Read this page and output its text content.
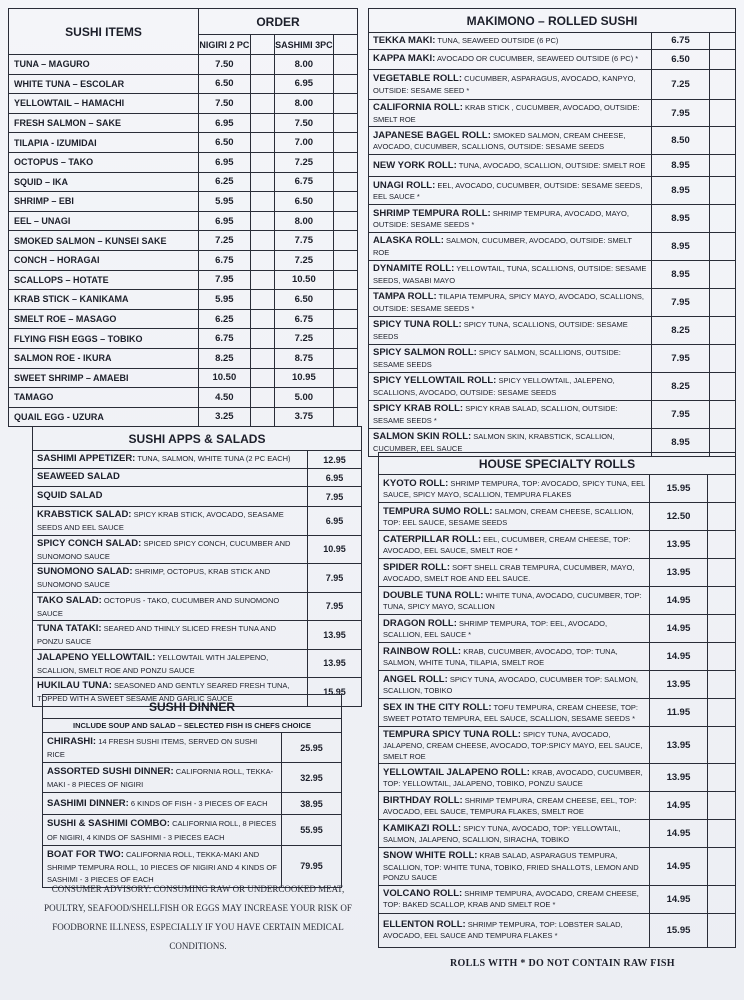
SUSHI ITEMS	ORDER			
	NIGIRI 2 PC		SASHIMI 3PC	
TUNA – MAGURO	7.50		8.00	
WHITE TUNA – ESCOLAR	6.50		6.95	
YELLOWTAIL – HAMACHI	7.50		8.00	
FRESH SALMON – SAKE	6.95		7.50	
TILAPIA - IZUMIDAI	6.50		7.00	
OCTOPUS – TAKO	6.95		7.25	
SQUID – IKA	6.25		6.75	
SHRIMP – EBI	5.95		6.50	
EEL – UNAGI	6.95		8.00	
SMOKED SALMON – KUNSEI SAKE	7.25		7.75	
CONCH – HORAGAI	6.75		7.25	
SCALLOPS – HOTATE	7.95		10.50	
KRAB STICK – KANIKAMA	5.95		6.50	
SMELT ROE – MASAGO	6.25		6.75	
FLYING FISH EGGS – TOBIKO	6.75		7.25	
SALMON ROE - IKURA	8.25		8.75	
SWEET SHRIMP – AMAEBI	10.50		10.95	
TAMAGO	4.50		5.00	
QUAIL EGG - UZURA	3.25		3.75	
MAKIMONO – ROLLED SUSHI		
TEKKA MAKI: TUNA, SEAWEED OUTSIDE (6 PC)	6.75	
KAPPA MAKI: AVOCADO OR CUCUMBER, SEAWEED OUTSIDE (6 PC) *	6.50	
VEGETABLE ROLL: CUCUMBER, ASPARAGUS, AVOCADO, KANPYO, OUTSIDE: SESAME SEED *	7.25	
CALIFORNIA ROLL: KRAB STICK , CUCUMBER, AVOCADO, OUTSIDE: SMELT ROE	7.95	
JAPANESE BAGEL ROLL: SMOKED SALMON, CREAM CHEESE, AVOCADO, CUCUMBER, SCALLIONS, OUTSIDE: SESAME SEEDS	8.50	
NEW YORK ROLL: TUNA, AVOCADO, SCALLION, OUTSIDE: SMELT ROE	8.95	
UNAGI ROLL: EEL, AVOCADO, CUCUMBER, OUTSIDE: SESAME SEEDS, EEL SAUCE *	8.95	
SHRIMP TEMPURA ROLL: SHRIMP TEMPURA, AVOCADO, MAYO, OUTSIDE: SESAME SEEDS *	8.95	
ALASKA ROLL: SALMON, CUCUMBER, AVOCADO, OUTSIDE: SMELT ROE	8.95	
DYNAMITE ROLL: YELLOWTAIL, TUNA, SCALLIONS, OUTSIDE: SESAME SEEDS, WASABI MAYO	8.95	
TAMPA ROLL: TILAPIA TEMPURA, SPICY MAYO, AVOCADO, SCALLIONS, OUTSIDE: SESAME SEEDS *	7.95	
SPICY TUNA ROLL: SPICY TUNA, SCALLIONS, OUTSIDE: SESAME SEEDS	8.25	
SPICY SALMON ROLL: SPICY SALMON, SCALLIONS, OUTSIDE: SESAME SEEDS	7.95	
SPICY YELLOWTAIL ROLL: SPICY YELLOWTAIL, JALEPENO, SCALLIONS, AVOCADO, OUTSIDE: SESAME SEEDS	8.25	
SPICY KRAB ROLL: SPICY KRAB SALAD, SCALLION, OUTSIDE: SESAME SEEDS *	7.95	
SALMON SKIN ROLL: SALMON SKIN, KRABSTICK, SCALLION, CUCUMBER, EEL SAUCE	8.95	
SUSHI APPS & SALADS	
SASHIMI APPETIZER: TUNA, SALMON, WHITE TUNA (2 PC EACH)	12.95
SEAWEED SALAD	6.95
SQUID SALAD	7.95
KRABSTICK SALAD: SPICY KRAB STICK, AVOCADO, SEASAME SEEDS AND EEL SAUCE	6.95
SPICY CONCH SALAD: SPICED SPICY CONCH, CUCUMBER AND SUNOMONO SAUCE	10.95
SUNOMONO SALAD: SHRIMP, OCTOPUS, KRAB STICK AND SUNOMONO SAUCE	7.95
TAKO SALAD: OCTOPUS - TAKO, CUCUMBER AND SUNOMONO SAUCE	7.95
TUNA TATAKI: SEARED AND THINLY SLICED FRESH TUNA AND PONZU SAUCE	13.95
JALAPENO YELLOWTAIL: YELLOWTAIL WITH JALEPENO, SCALLION, SMELT ROE AND PONZU SAUCE	13.95
HUKILAU TUNA: SEASONED AND GENTLY SEARED FRESH TUNA, TOPPED WITH A SWEET SESAME AND GARLIC SAUCE	15.95
SUSHI DINNER	
INCLUDE SOUP AND SALAD – SELECTED FISH IS CHEFS CHOICE	
CHIRASHI: 14 FRESH SUSHI ITEMS, SERVED ON SUSHI RICE	25.95
ASSORTED SUSHI DINNER: CALIFORNIA ROLL, TEKKA-MAKI - 8 PIECES OF NIGIRI	32.95
SASHIMI DINNER: 6 KINDS OF FISH - 3 PIECES OF EACH	38.95
SUSHI & SASHIMI COMBO: CALIFORNIA ROLL, 8 PIECES OF NIGIRI, 4 KINDS OF SASHIMI - 3 PIECES EACH	55.95
BOAT FOR TWO: CALIFORNIA ROLL, TEKKA-MAKI AND SHRIMP TEMPURA ROLL, 10 PIECES OF NIGIRI AND 4 KINDS OF SASHIMI - 3 PIECES OF EACH	79.95
CONSUMER ADVISORY: CONSUMING RAW OR UNDERCOOKED MEAT, POULTRY, SEAFOOD/SHELLFISH OR EGGS MAY INCREASE YOUR RISK OF FOODBORNE ILLNESS, ESPECIALLY IF YOU HAVE CERTAIN MEDICAL CONDITIONS.
HOUSE SPECIALTY ROLLS		
KYOTO ROLL: SHRIMP TEMPURA, TOP: AVOCADO, SPICY TUNA, EEL SAUCE, SPICY MAYO, SCALLION, TEMPURA FLAKES	15.95	
TEMPURA SUMO ROLL: SALMON, CREAM CHEESE, SCALLION, TOP: EEL SAUCE, SESAME SEEDS	12.50	
CATERPILLAR ROLL: EEL, CUCUMBER, CREAM CHEESE, TOP: AVOCADO, EEL SAUCE, SMELT ROE *	13.95	
SPIDER ROLL: SOFT SHELL CRAB TEMPURA, CUCUMBER, MAYO, AVOCADO, SMELT ROE AND EEL SAUCE.	13.95	
DOUBLE TUNA ROLL: WHITE TUNA, AVOCADO, CUCUMBER, TOP: TUNA, SPICY MAYO, SCALLION	14.95	
DRAGON ROLL: SHRIMP TEMPURA, TOP: EEL, AVOCADO, SCALLION, EEL SAUCE *	14.95	
RAINBOW ROLL: KRAB, CUCUMBER, AVOCADO, TOP: TUNA, SALMON, WHITE TUNA, TILAPIA, SMELT ROE	14.95	
ANGEL ROLL: SPICY TUNA, AVOCADO, CUCUMBER TOP: SALMON, SCALLION, TOBIKO	13.95	
SEX IN THE CITY ROLL: TOFU TEMPURA, CREAM CHEESE, TOP: SWEET POTATO TEMPURA, EEL SAUCE, SCALLION, SESAME SEEDS *	11.95	
TEMPURA SPICY TUNA ROLL: SPICY TUNA, AVOCADO, JALAPENO, CREAM CHEESE, AVOCADO, TOP:SPICY MAYO, EEL SAUCE, SMELT ROE	13.95	
YELLOWTAIL JALAPENO ROLL: KRAB, AVOCADO, CUCUMBER, TOP: YELLOWTAIL, JALAPENO, TOBIKO, PONZU SAUCE	13.95	
BIRTHDAY ROLL: SHRIMP TEMPURA, CREAM CHEESE, EEL, TOP: AVOCADO, EEL SAUCE, TEMPURA FLAKES, SMELT ROE	14.95	
KAMIKAZI ROLL: SPICY TUNA, AVOCADO, TOP: YELLOWTAIL, SALMON, JALAPENO, SCALLION, SIRACHA, TOBIKO	14.95	
SNOW WHITE ROLL: KRAB SALAD, ASPARAGUS TEMPURA, SCALLION, TOP: WHITE TUNA, TOBIKO, FRIED SHALLOTS, LEMON AND PONZU SAUCE	14.95	
VOLCANO ROLL: SHRIMP TEMPURA, AVOCADO, CREAM CHEESE, TOP: BAKED SCALLOP, KRAB AND SMELT ROE *	14.95	
ELLENTON ROLL: SHRIMP TEMPURA, TOP: LOBSTER SALAD, AVOCADO, EEL SAUCE AND TEMPURA FLAKES *	15.95	
ROLLS WITH * DO NOT CONTAIN RAW FISH
